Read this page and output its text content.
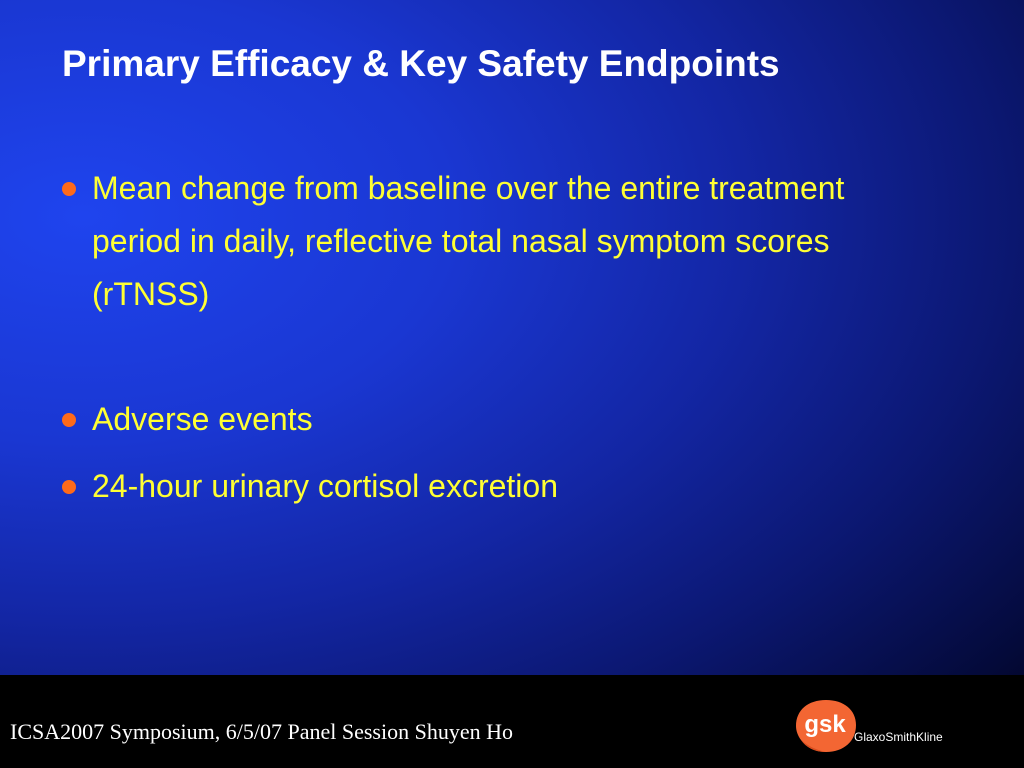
Primary Efficacy & Key Safety Endpoints
Mean change from baseline over the entire treatment period in daily, reflective total nasal symptom scores (rTNSS)
Adverse events
24-hour urinary cortisol excretion
ICSA2007 Symposium, 6/5/07 Panel Session Shuyen Ho	gsk GlaxoSmithKline
